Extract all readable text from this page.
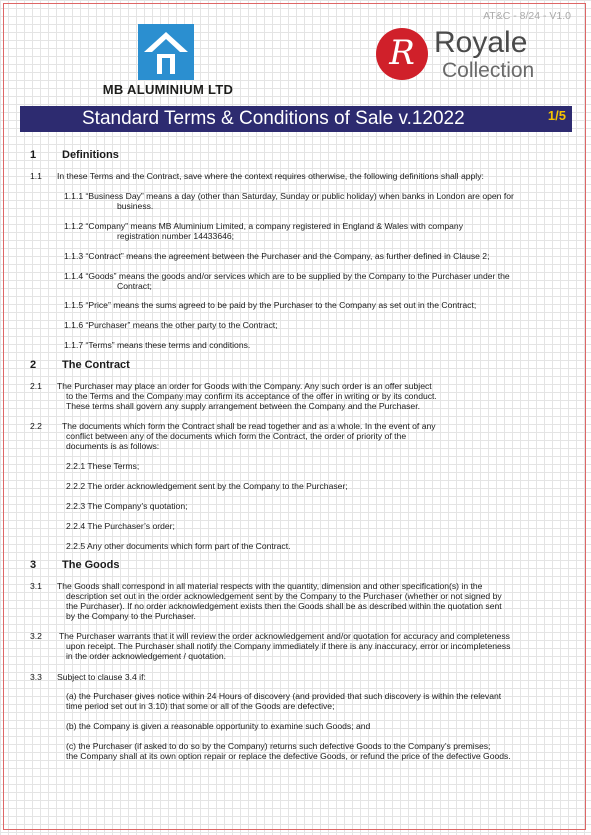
AT&C - 8/24 - V1.0
MB ALUMINIUM LTD
R Royale
Collection
Standard Terms & Conditions of Sale v.12022	1/5
1 Definitions
1.1 In these Terms and the Contract, save where the context requires otherwise, the following definitions shall apply:
1.1.1 “Business Day” means a day (other than Saturday, Sunday or public holiday) when banks in London are open for
business.
1.1.2 “Company” means MB Aluminium Limited, a company registered in England & Wales with company
registration number 14433646;
1.1.3 “Contract” means the agreement between the Purchaser and the Company, as further defined in Clause 2;
1.1.4 “Goods” means the goods and/or services which are to be supplied by the Company to the Purchaser under the
Contract;
1.1.5 “Price” means the sums agreed to be paid by the Purchaser to the Company as set out in the Contract;
1.1.6 “Purchaser” means the other party to the Contract;
1.1.7 “Terms” means these terms and conditions.
2 The Contract
2.1 The Purchaser may place an order for Goods with the Company. Any such order is an offer subject
to the Terms and the Company may confirm its acceptance of the offer in writing or by its conduct.
These terms shall govern any supply arrangement between the Company and the Purchaser.
2.2 The documents which form the Contract shall be read together and as a whole. In the event of any
conflict between any of the documents which form the Contract, the order of priority of the
documents is as follows:
2.2.1 These Terms;
2.2.2 The order acknowledgement sent by the Company to the Purchaser;
2.2.3 The Company’s quotation;
2.2.4 The Purchaser’s order;
2.2.5 Any other documents which form part of the Contract.
3 The Goods
3.1 The Goods shall correspond in all material respects with the quantity, dimension and other specification(s) in the
description set out in the order acknowledgement sent by the Company to the Purchaser (whether or not signed by
the Purchaser). If no order acknowledgement exists then the Goods shall be as described within the quotation sent
by the Company to the Purchaser.
3.2 The Purchaser warrants that it will review the order acknowledgement and/or quotation for accuracy and completeness
upon receipt. The Purchaser shall notify the Company immediately if there is any inaccuracy, error or incompleteness
in the order acknowledgement / quotation.
3.3 Subject to clause 3.4 if:
(a) the Purchaser gives notice within 24 Hours of discovery (and provided that such discovery is within the relevant
time period set out in 3.10) that some or all of the Goods are defective;
(b) the Company is given a reasonable opportunity to examine such Goods; and
(c) the Purchaser (if asked to do so by the Company) returns such defective Goods to the Company’s premises;
the Company shall at its own option repair or replace the defective Goods, or refund the price of the defective Goods.
